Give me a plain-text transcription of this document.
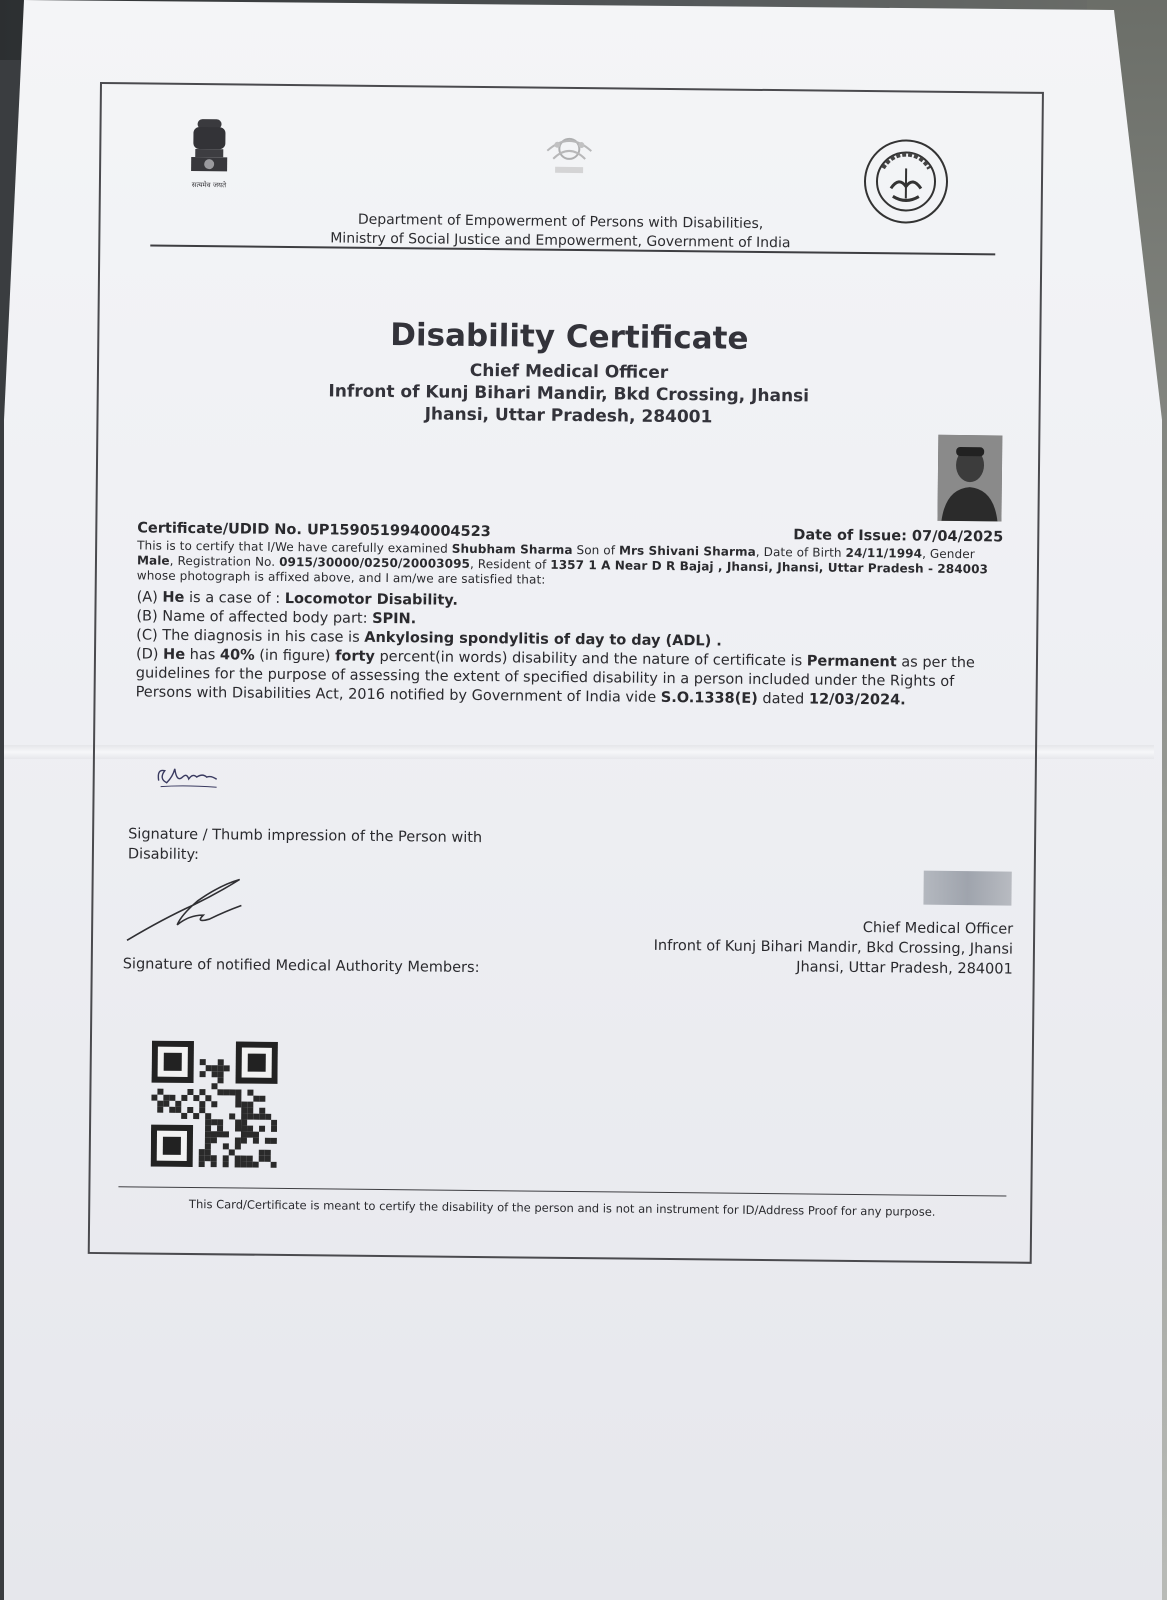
सत्यमेव जयते
Department of Empowerment of Persons with Disabilities,
Ministry of Social Justice and Empowerment, Government of India
Disability Certificate
Chief Medical Officer
Infront of Kunj Bihari Mandir, Bkd Crossing, Jhansi
Jhansi, Uttar Pradesh, 284001
Certificate/UDID No. UP1590519940004523	Date of Issue: 07/04/2025
This is to certify that I/We have carefully examined Shubham Sharma Son of Mrs Shivani Sharma, Date of Birth 24/11/1994, Gender Male, Registration No. 0915/30000/0250/20003095, Resident of 1357 1 A Near D R Bajaj , Jhansi, Jhansi, Uttar Pradesh - 284003 whose photograph is affixed above, and I am/we are satisfied that:

(A) He is a case of : Locomotor Disability.

(B) Name of affected body part: SPIN.

(C) The diagnosis in his case is Ankylosing spondylitis of day to day (ADL) .

(D) He has 40% (in figure) forty percent(in words) disability and the nature of certificate is Permanent as per the guidelines for the purpose of assessing the extent of specified disability in a person included under the Rights of Persons with Disabilities Act, 2016 notified by Government of India vide S.O.1338(E) dated 12/03/2024.

Signature / Thumb impression of the Person with Disability:
Signature of notified Medical Authority Members:
Chief Medical Officer
Infront of Kunj Bihari Mandir, Bkd Crossing, Jhansi
Jhansi, Uttar Pradesh, 284001
This Card/Certificate is meant to certify the disability of the person and is not an instrument for ID/Address Proof for any purpose.
